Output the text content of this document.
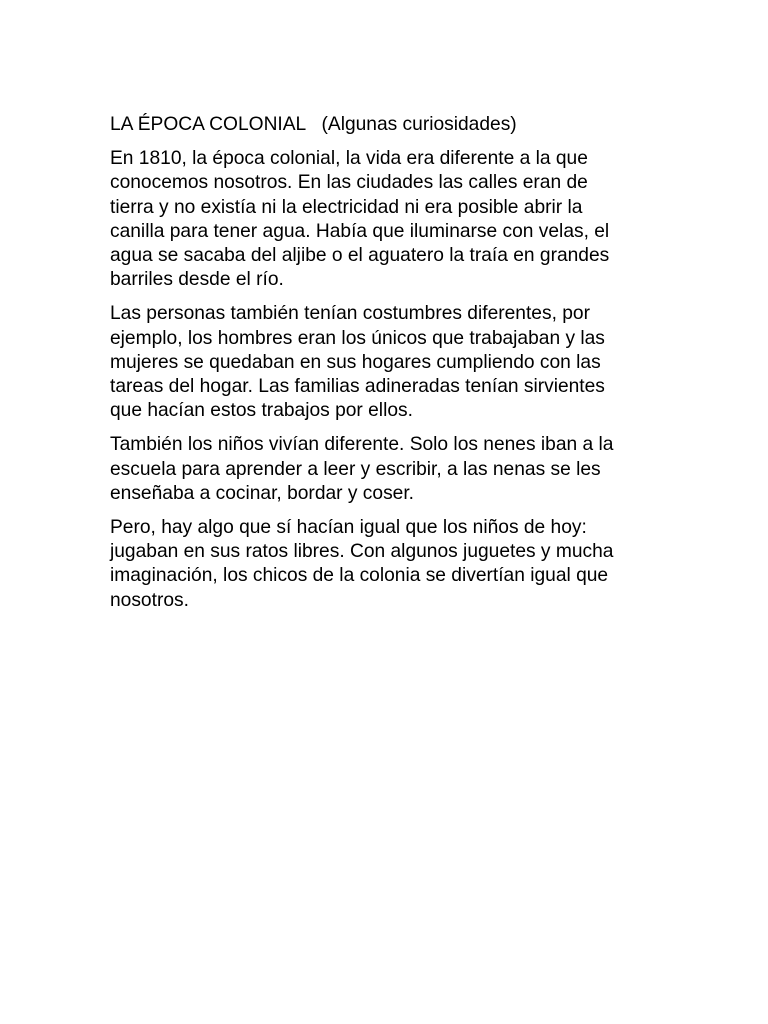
LA ÉPOCA COLONIAL   (Algunas curiosidades)

En 1810, la época colonial, la vida era diferente a la que
conocemos nosotros. En las ciudades las calles eran de
tierra y no existía ni la electricidad ni era posible abrir la
canilla para tener agua. Había que iluminarse con velas, el
agua se sacaba del aljibe o el aguatero la traía en grandes
barriles desde el río.

Las personas también tenían costumbres diferentes, por
ejemplo, los hombres eran los únicos que trabajaban y las
mujeres se quedaban en sus hogares cumpliendo con las
tareas del hogar. Las familias adineradas tenían sirvientes
que hacían estos trabajos por ellos.

También los niños vivían diferente. Solo los nenes iban a la
escuela para aprender a leer y escribir, a las nenas se les
enseñaba a cocinar, bordar y coser.

Pero, hay algo que sí hacían igual que los niños de hoy:
jugaban en sus ratos libres. Con algunos juguetes y mucha
imaginación, los chicos de la colonia se divertían igual que
nosotros.
